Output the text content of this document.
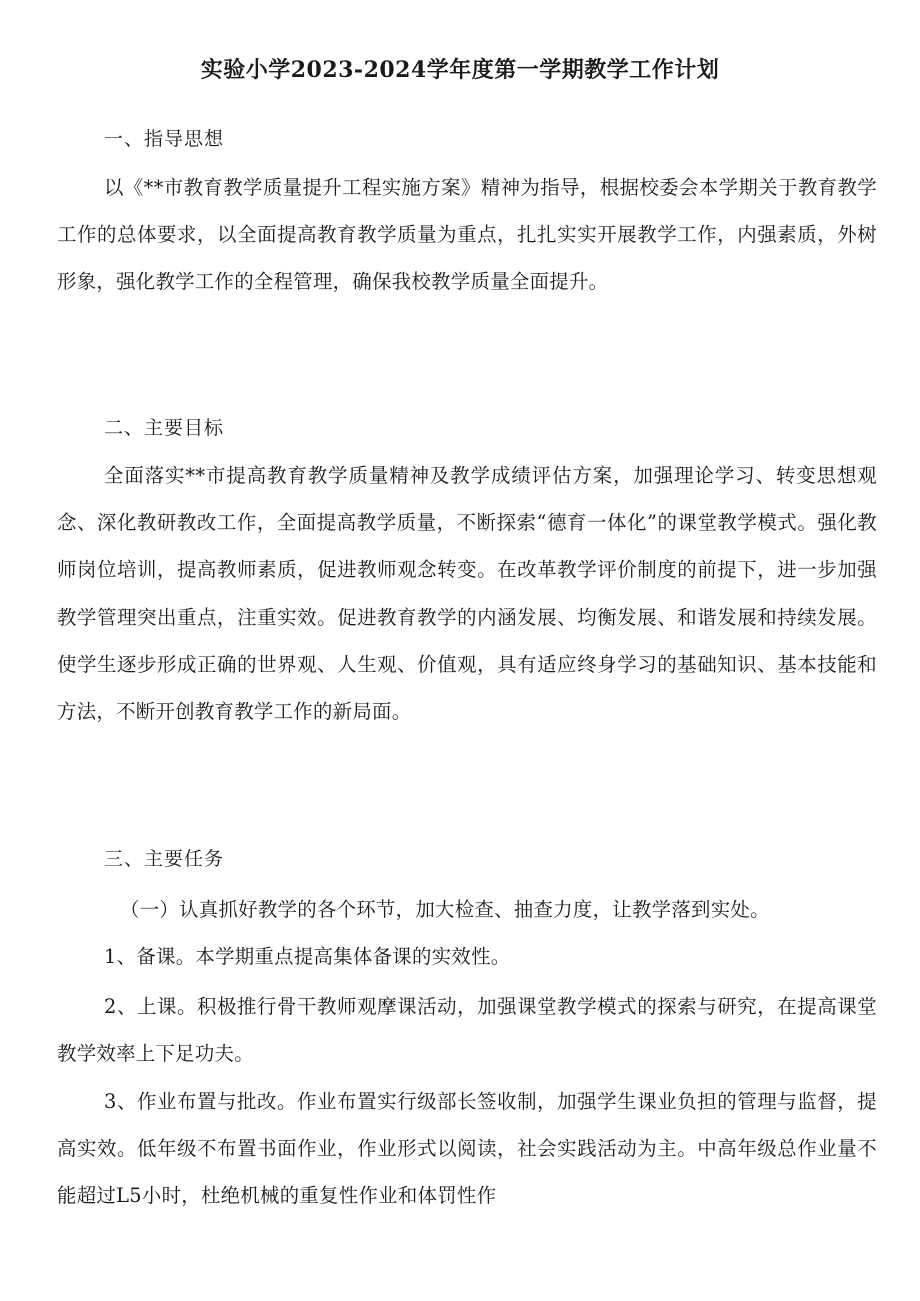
实验小学2023-2024学年度第一学期教学工作计划
一、指导思想
以《**市教育教学质量提升工程实施方案》精神为指导，根据校委会本学期关于教育教学工作的总体要求，以全面提高教育教学质量为重点，扎扎实实开展教学工作，内强素质，外树形象，强化教学工作的全程管理，确保我校教学质量全面提升。
二、主要目标
全面落实**市提高教育教学质量精神及教学成绩评估方案，加强理论学习、转变思想观念、深化教研教改工作，全面提高教学质量，不断探索“德育一体化”的课堂教学模式。强化教师岗位培训，提高教师素质，促进教师观念转变。在改革教学评价制度的前提下，进一步加强教学管理突出重点，注重实效。促进教育教学的内涵发展、均衡发展、和谐发展和持续发展。使学生逐步形成正确的世界观、人生观、价值观，具有适应终身学习的基础知识、基本技能和方法，不断开创教育教学工作的新局面。
三、主要任务
（一）认真抓好教学的各个环节，加大检查、抽查力度，让教学落到实处。
1、备课。本学期重点提高集体备课的实效性。
2、上课。积极推行骨干教师观摩课活动，加强课堂教学模式的探索与研究，在提高课堂教学效率上下足功夫。
3、作业布置与批改。作业布置实行级部长签收制，加强学生课业负担的管理与监督，提高实效。低年级不布置书面作业，作业形式以阅读，社会实践活动为主。中高年级总作业量不能超过L5小时，杜绝机械的重复性作业和体罚性作
